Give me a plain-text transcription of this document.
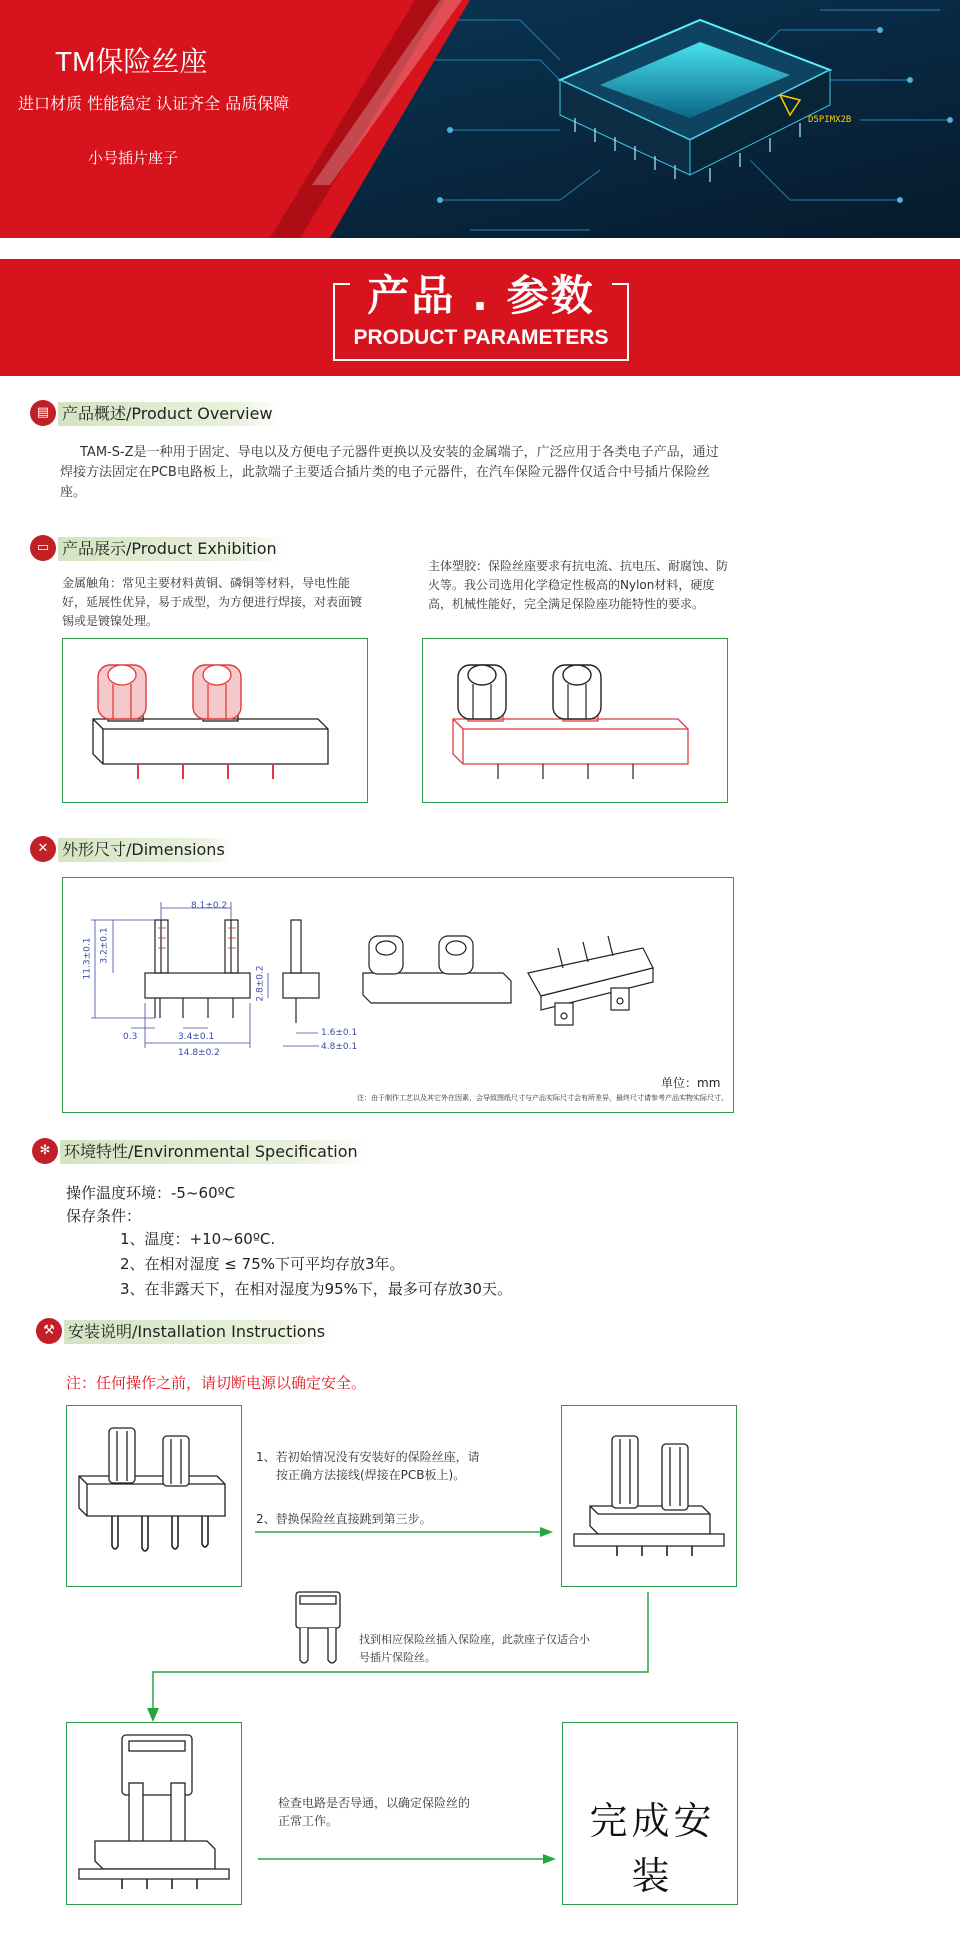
TM保险丝座
进口材质 性能稳定 认证齐全 品质保障
小号插片座子
D5PIMX2B
产品 . 参数
PRODUCT PARAMETERS
▤ 产品概述/Product Overview
TAM-S-Z是一种用于固定、导电以及方便电子元器件更换以及安装的金属端子，广泛应用于各类电子产品，通过焊接方法固定在PCB电路板上，此款端子主要适合插片类的电子元器件，在汽车保险元器件仅适合中号插片保险丝座。
▭ 产品展示/Product Exhibition
金属触角：常见主要材料黄铜、磷铜等材料，导电性能好，延展性优异，易于成型，为方便进行焊接，对表面镀锡或是镀镍处理。
主体塑胶：保险丝座要求有抗电流、抗电压、耐腐蚀、防火等。我公司选用化学稳定性极高的Nylon材料，硬度高，机械性能好，完全满足保险座功能特性的要求。
✕ 外形尺寸/Dimensions
8.1±0.2
11.3±0.1 3.2±0.1
0.3	3.4±0.1
14.8±0.2
2.8±0.2
1.6±0.1
4.8±0.1
单位：mm
注：由于制作工艺以及其它外在因素，会导致图纸尺寸与产品实际尺寸会有所差异，最终尺寸请参考产品实物实际尺寸。
✻ 环境特性/Environmental Specification
操作温度环境：-5~60ºC
保存条件：
1、温度：+10~60ºC.
2、在相对湿度 ≤ 75%下可平均存放3年。
3、在非露天下，在相对湿度为95%下，最多可存放30天。
⚒ 安装说明/Installation Instructions
注：任何操作之前，请切断电源以确定安全。
1、若初始情况没有安装好的保险丝座，请
按正确方法接线(焊接在PCB板上)。
2、替换保险丝直接跳到第三步。
找到相应保险丝插入保险座，此款座子仅适合小
号插片保险丝。
检查电路是否导通，以确定保险丝的
正常工作。	完成安装
